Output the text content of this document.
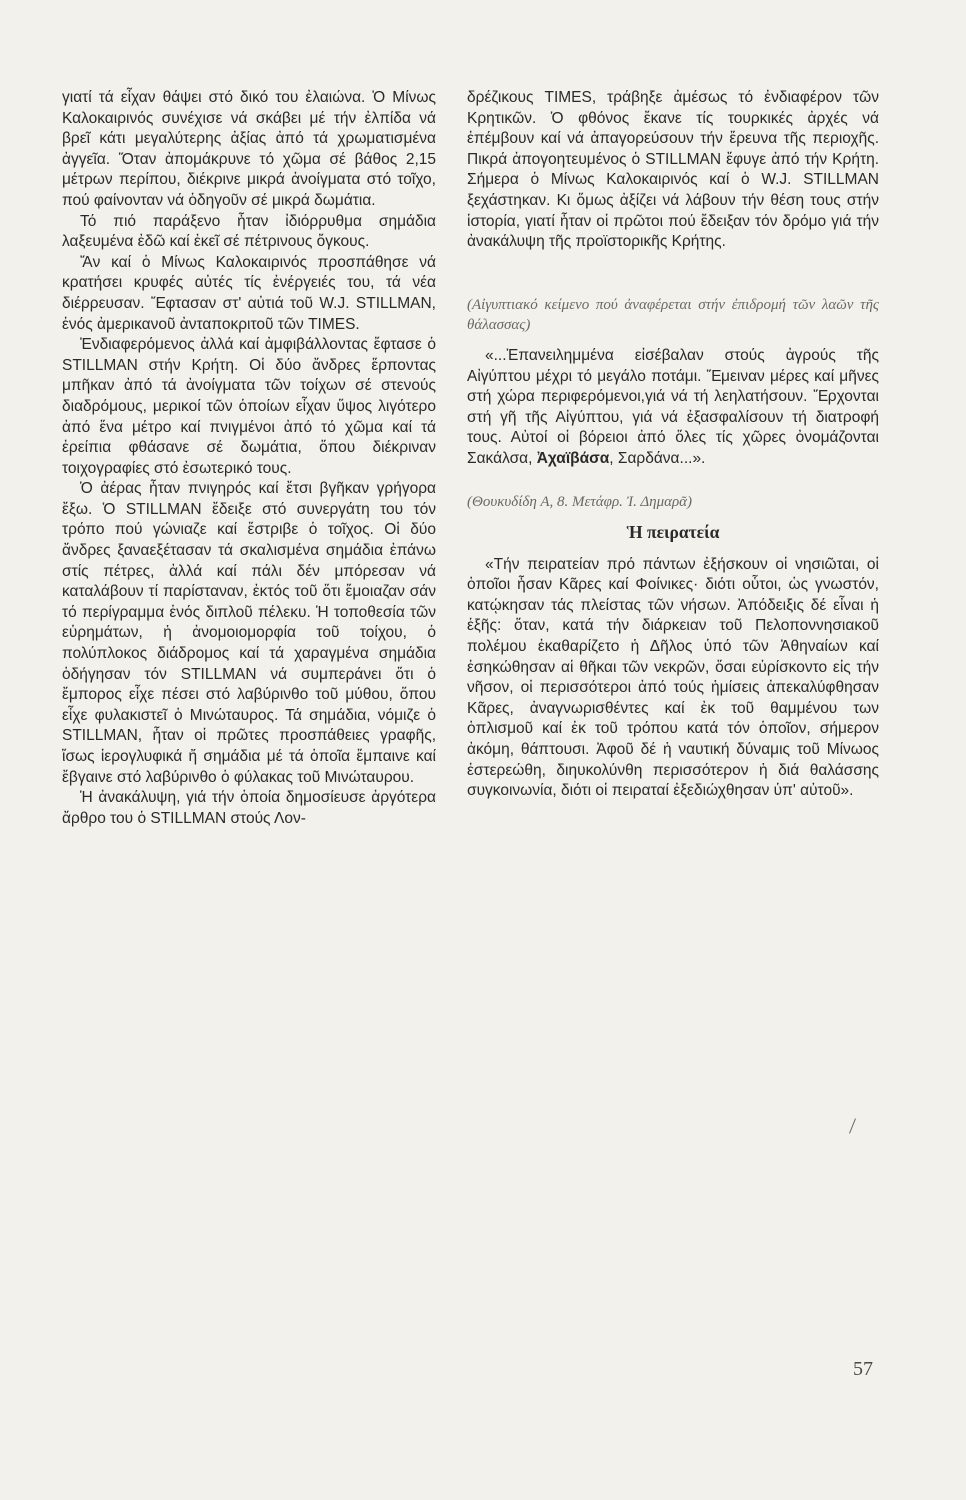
γιατί τά εἶχαν θάψει στό δικό του ἐλαιώνα. Ὁ Μίνως Καλοκαιρινός συνέχισε νά σκάβει μέ τήν ἐλπίδα νά βρεῖ κάτι μεγαλύτερης ἀξίας ἀπό τά χρωματισμένα ἀγγεῖα. Ὅταν ἀπομάκρυνε τό χῶμα σέ βάθος 2,15 μέτρων περίπου, διέκρινε μικρά ἀνοίγματα στό τοῖχο, πού φαίνονταν νά ὁδηγοῦν σέ μικρά δωμάτια.

Τό πιό παράξενο ἦταν ἰδιόρρυθμα σημάδια λαξευμένα ἐδῶ καί ἐκεῖ σέ πέτρινους ὄγκους.

Ἄν καί ὁ Μίνως Καλοκαιρινός προσπάθησε νά κρατήσει κρυφές αὐτές τίς ἐνέργειές του, τά νέα διέρρευσαν. Ἔφτασαν στ' αὐτιά τοῦ W.J. STILLMAN, ἑνός ἀμερικανοῦ ἀνταποκριτοῦ τῶν TIMES.

Ἐνδιαφερόμενος ἀλλά καί ἀμφιβάλλοντας ἔφτασε ὁ STILLMAN στήν Κρήτη. Οἱ δύο ἄνδρες ἕρποντας μπῆκαν ἀπό τά ἀνοίγματα τῶν τοίχων σέ στενούς διαδρόμους, μερικοί τῶν ὁποίων εἶχαν ὕψος λιγότερο ἀπό ἕνα μέτρο καί πνιγμένοι ἀπό τό χῶμα καί τά ἐρείπια φθάσανε σέ δωμάτια, ὅπου διέκριναν τοιχογραφίες στό ἐσωτερικό τους.

Ὁ ἀέρας ἦταν πνιγηρός καί ἔτσι βγῆκαν γρήγορα ἔξω. Ὁ STILLMAN ἔδειξε στό συνεργάτη του τόν τρόπο πού γώνιαζε καί ἔστριβε ὁ τοῖχος. Οἱ δύο ἄνδρες ξαναεξέτασαν τά σκαλισμένα σημάδια ἐπάνω στίς πέτρες, ἀλλά καί πάλι δέν μπόρεσαν νά καταλάβουν τί παρίσταναν, ἐκτός τοῦ ὅτι ἔμοιαζαν σάν τό περίγραμμα ἑνός διπλοῦ πέλεκυ. Ἡ τοποθεσία τῶν εὑρημάτων, ἡ ἀνομοιομορφία τοῦ τοίχου, ὁ πολύπλοκος διάδρομος καί τά χαραγμένα σημάδια ὁδήγησαν τόν STILLMAN νά συμπεράνει ὅτι ὁ ἔμπορος εἶχε πέσει στό λαβύρινθο τοῦ μύθου, ὅπου εἶχε φυλακιστεῖ ὁ Μινώταυρος. Τά σημάδια, νόμιζε ὁ STILLMAN, ἦταν οἱ πρῶτες προσπάθειες γραφῆς, ἴσως ἱερογλυφικά ἤ σημάδια μέ τά ὁποῖα ἔμπαινε καί ἔβγαινε στό λαβύρινθο ὁ φύλακας τοῦ Μινώταυρου.

Ἡ ἀνακάλυψη, γιά τήν ὁποία δημοσίευσε ἀργότερα ἄρθρο του ὁ STILLMAN στούς Λον-

δρέζικους TIMES, τράβηξε ἀμέσως τό ἐνδιαφέρον τῶν Κρητικῶν. Ὁ φθόνος ἔκανε τίς τουρκικές ἀρχές νά ἐπέμβουν καί νά ἀπαγορεύσουν τήν ἔρευνα τῆς περιοχῆς. Πικρά ἀπογοητευμένος ὁ STILLMAN ἔφυγε ἀπό τήν Κρήτη. Σήμερα ὁ Μίνως Καλοκαιρινός καί ὁ W.J. STILLMAN ξεχάστηκαν. Κι ὅμως ἀξίζει νά λάβουν τήν θέση τους στήν ἱστορία, γιατί ἦταν οἱ πρῶτοι πού ἔδειξαν τόν δρόμο γιά τήν ἀνακάλυψη τῆς προϊστορικῆς Κρήτης.

(Αἰγυπτιακό κείμενο πού ἀναφέρεται στήν ἐπιδρομή τῶν λαῶν τῆς θάλασσας)

«...Ἐπανειλημμένα εἰσέβαλαν στούς ἀγρούς τῆς Αἰγύπτου μέχρι τό μεγάλο ποτάμι. Ἔμειναν μέρες καί μῆνες στή χώρα περιφερόμενοι,γιά νά τή λεηλατήσουν. Ἔρχονται στή γῆ τῆς Αἰγύπτου, γιά νά ἐξασφαλίσουν τή διατροφή τους. Αὐτοί οἱ βόρειοι ἀπό ὅλες τίς χῶρες ὀνομάζονται Σακάλσα, Ἀχαϊβάσα, Σαρδάνα...».

(Θουκυδίδη Α, 8. Μετάφρ. Ἰ. Δημαρᾶ)

Ἡ πειρατεία

«Τήν πειρατείαν πρό πάντων ἐξήσκουν οἱ νησιῶται, οἱ ὁποῖοι ἦσαν Κᾶρες καί Φοίνικες· διότι οὗτοι, ὡς γνωστόν, κατῴκησαν τάς πλείστας τῶν νήσων. Ἀπόδειξις δέ εἶναι ἡ ἑξῆς: ὅταν, κατά τήν διάρκειαν τοῦ Πελοποννησιακοῦ πολέμου ἐκαθαρίζετο ἡ Δῆλος ὑπό τῶν Ἀθηναίων καί ἐσηκώθησαν αἱ θῆκαι τῶν νεκρῶν, ὅσαι εὑρίσκοντο εἰς τήν νῆσον, οἱ περισσότεροι ἀπό τούς ἡμίσεις ἀπεκαλύφθησαν Κᾶρες, ἀναγνωρισθέντες καί ἐκ τοῦ θαμμένου των ὁπλισμοῦ καί ἐκ τοῦ τρόπου κατά τόν ὁποῖον, σήμερον ἀκόμη, θάπτουσι. Ἀφοῦ δέ ἡ ναυτική δύναμις τοῦ Μίνωος ἐστερεώθη, διηυκολύνθη περισσότερον ἡ διά θαλάσσης συγκοινωνία, διότι οἱ πειραταί ἐξεδιώχθησαν ὑπ' αὐτοῦ».

57
